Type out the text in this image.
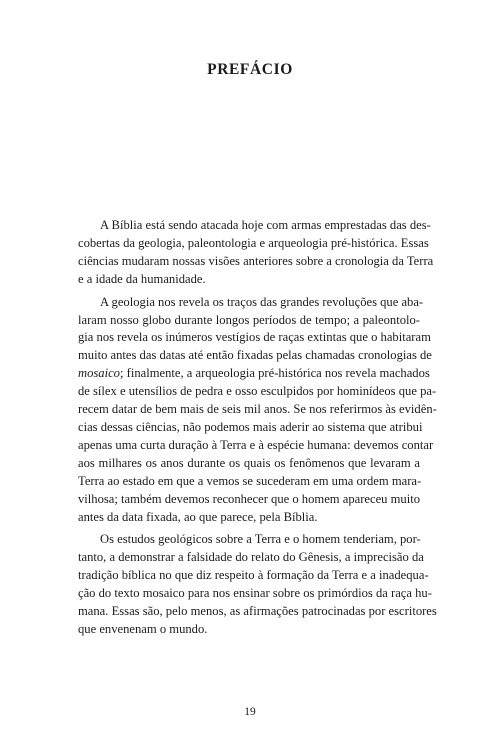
PREFÁCIO
A Bíblia está sendo atacada hoje com armas emprestadas das des-
cobertas da geologia, paleontologia e arqueologia pré-histórica. Essas
ciências mudaram nossas visões anteriores sobre a cronologia da Terra
e a idade da humanidade.
A geologia nos revela os traços das grandes revoluções que aba-
laram nosso globo durante longos períodos de tempo; a paleontolo-
gia nos revela os inúmeros vestígios de raças extintas que o habitaram
muito antes das datas até então fixadas pelas chamadas cronologias de
mosaico; finalmente, a arqueologia pré-histórica nos revela machados
de sílex e utensílios de pedra e osso esculpidos por hominídeos que pa-
recem datar de bem mais de seis mil anos. Se nos referirmos às evidên-
cias dessas ciências, não podemos mais aderir ao sistema que atribui
apenas uma curta duração à Terra e à espécie humana: devemos contar
aos milhares os anos durante os quais os fenômenos que levaram a
Terra ao estado em que a vemos se sucederam em uma ordem mara-
vilhosa; também devemos reconhecer que o homem apareceu muito
antes da data fixada, ao que parece, pela Bíblia.
Os estudos geológicos sobre a Terra e o homem tenderiam, por-
tanto, a demonstrar a falsidade do relato do Gênesis, a imprecisão da
tradição bíblica no que diz respeito à formação da Terra e a inadequa-
ção do texto mosaico para nos ensinar sobre os primórdios da raça hu-
mana. Essas são, pelo menos, as afirmações patrocinadas por escritores
que envenenam o mundo.
19
